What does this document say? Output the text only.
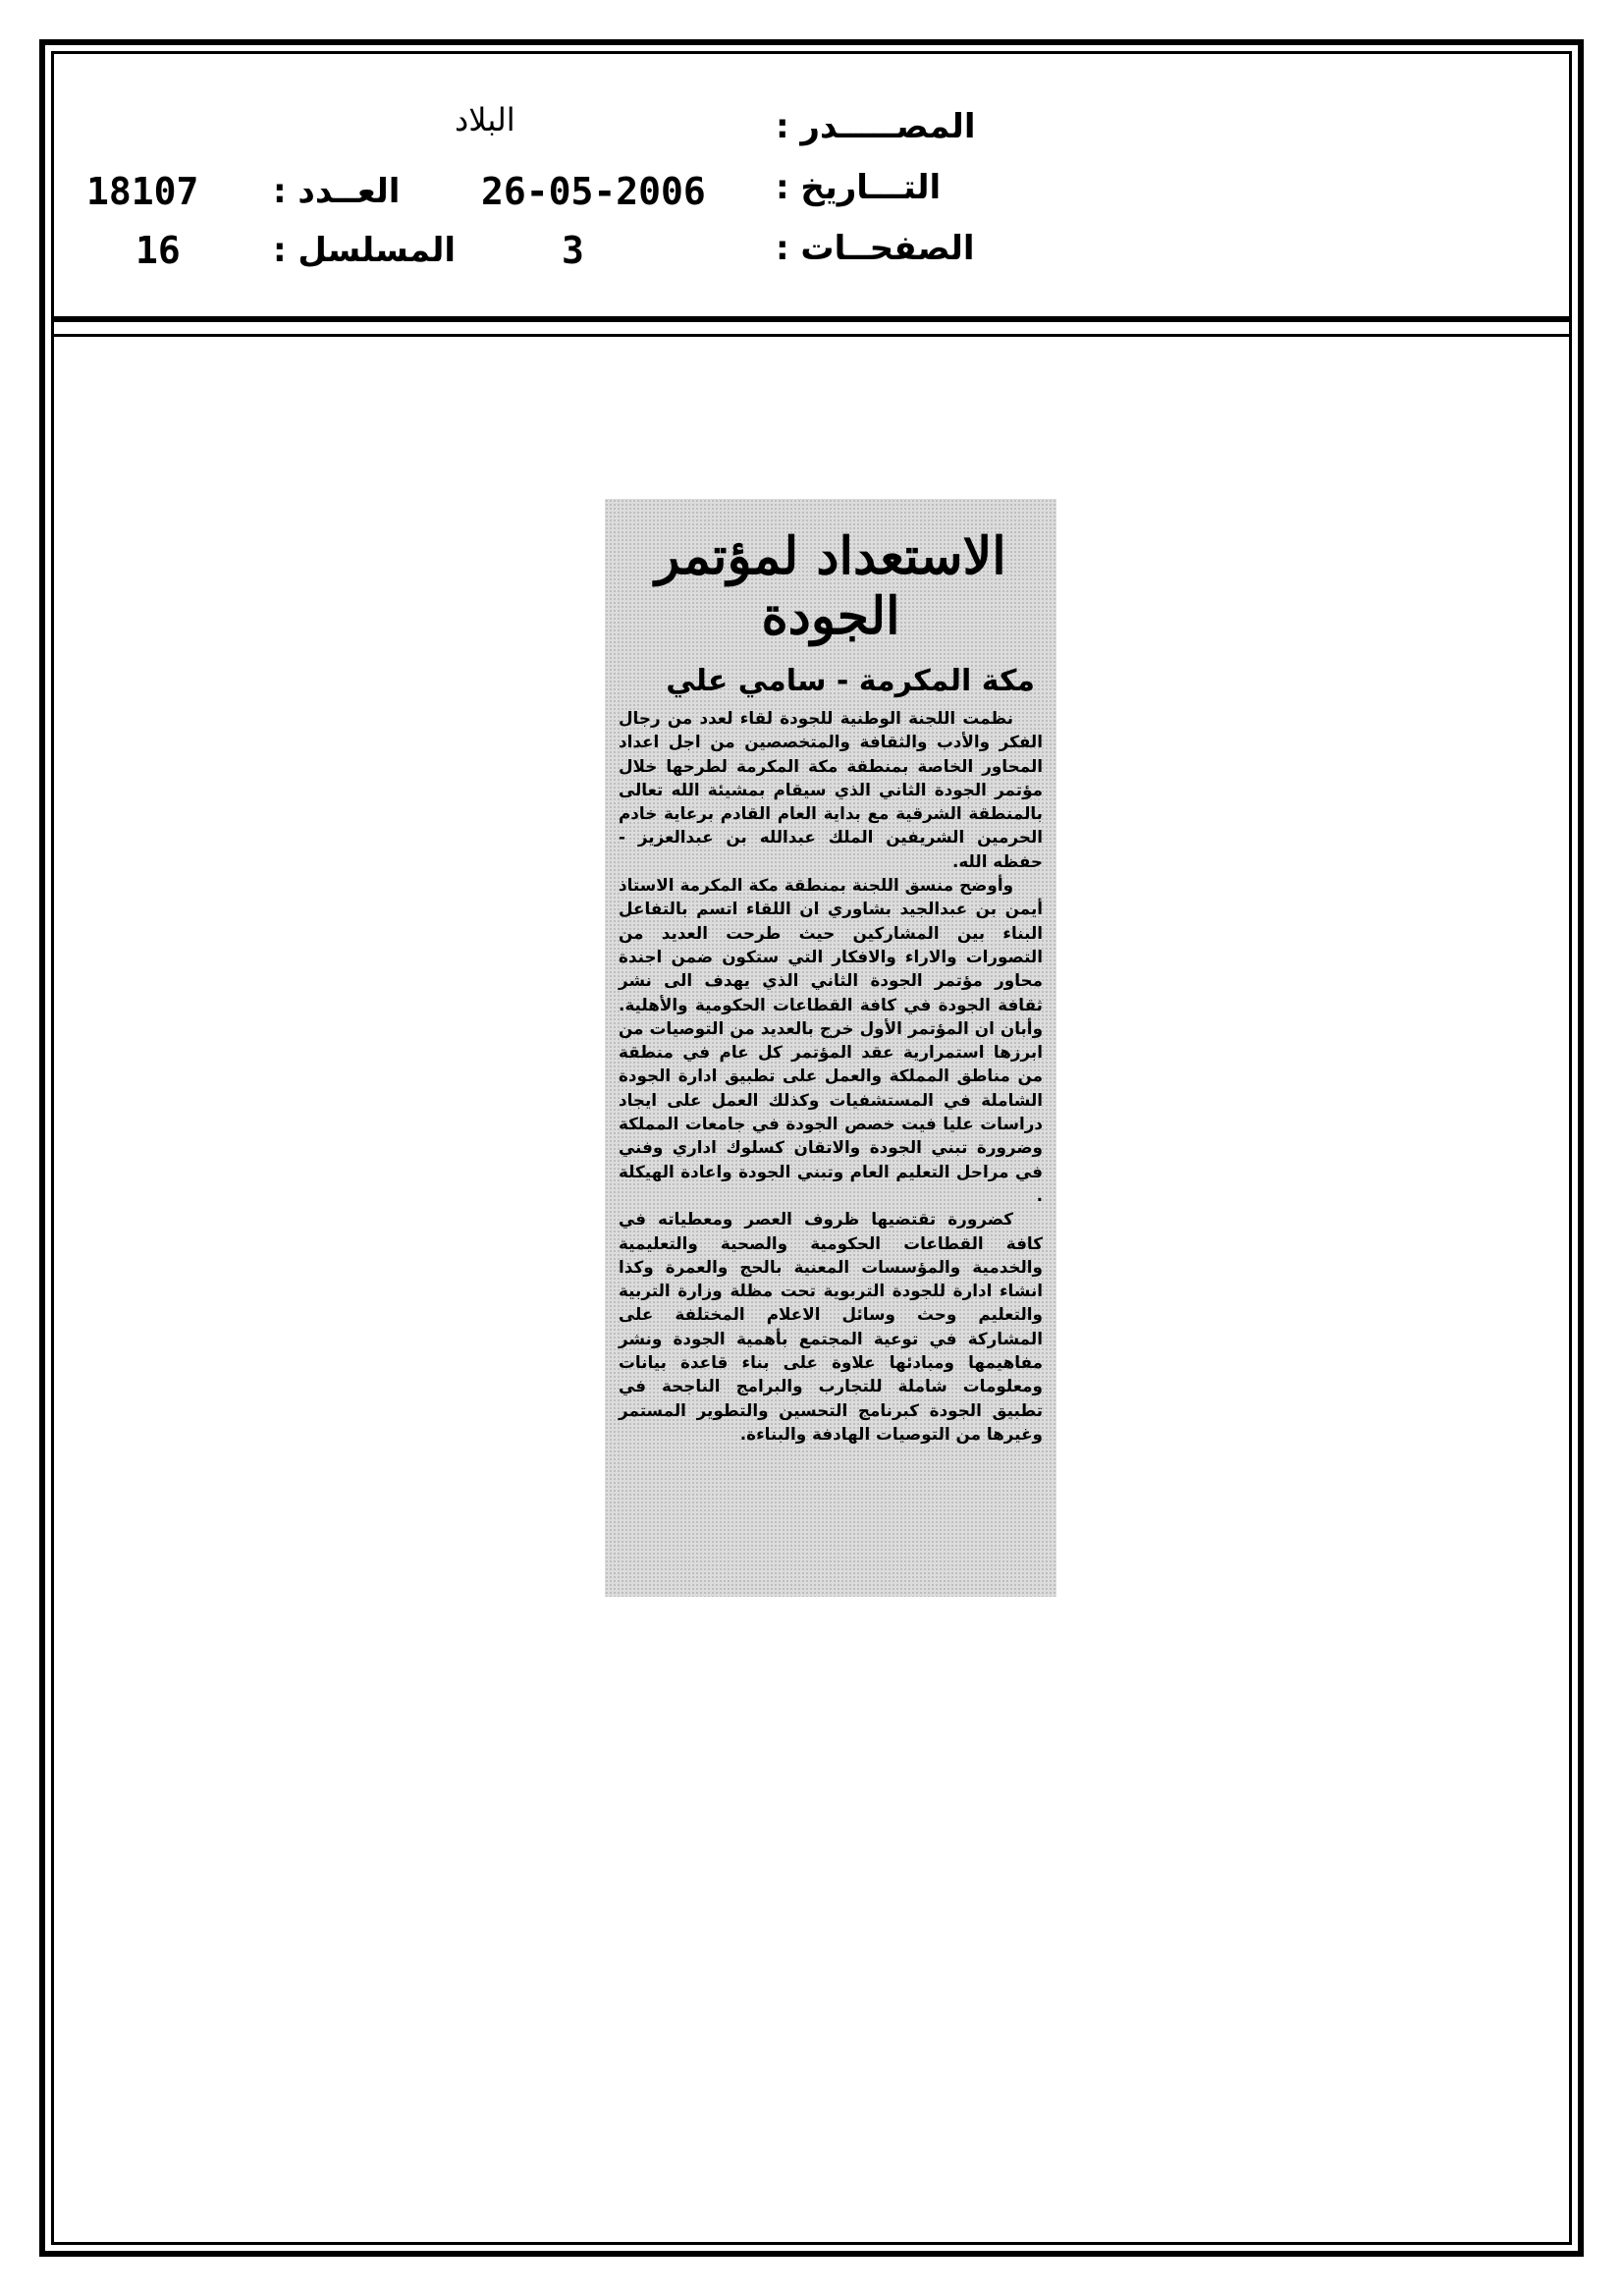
البلاد	المصـــــدر :
18107 العــدد : 26-05-2006 التـــاريخ :
16	المسلسل :	3	الصفحــات :
الاستعداد لمؤتمر الجودة
مكة المكرمة - سامي علي

نظمت اللجنة الوطنية للجودة لقاء لعدد من رجال الفكر والأدب والثقافة والمتخصصين من اجل اعداد المحاور الخاصة بمنطقة مكة المكرمة لطرحها خلال مؤتمر الجودة الثاني الذي سيقام بمشيئة الله تعالى بالمنطقة الشرقية مع بداية العام القادم برعاية خادم الحرمين الشريفين الملك عبدالله بن عبدالعزيز - حفظه الله.

وأوضح منسق اللجنة بمنطقة مكة المكرمة الاستاذ أيمن بن عبدالجيد بشاوري ان اللقاء اتسم بالتفاعل البناء بين المشاركين حيث طرحت العديد من التصورات والاراء والافكار التي ستكون ضمن اجندة محاور مؤتمر الجودة الثاني الذي يهدف الى نشر ثقافة الجودة في كافة القطاعات الحكومية والأهلية. وأبان ان المؤتمر الأول خرج بالعديد من التوصيات من ابرزها استمرارية عقد المؤتمر كل عام في منطقة من مناطق المملكة والعمل على تطبيق ادارة الجودة الشاملة في المستشفيات وكذلك العمل على ايجاد دراسات عليا فيت خصص الجودة في جامعات المملكة وضرورة تبني الجودة والاتقان كسلوك اداري وفني في مراحل التعليم العام وتبني الجودة واعادة الهيكلة .

كضرورة تقتضيها ظروف العصر ومعطياته في كافة القطاعات الحكومية والصحية والتعليمية والخدمية والمؤسسات المعنية بالحج والعمرة وكذا انشاء ادارة للجودة التربوية تحت مظلة وزارة التربية والتعليم وحث وسائل الاعلام المختلفة على المشاركة في توعية المجتمع بأهمية الجودة ونشر مفاهيمها ومبادئها علاوة على بناء قاعدة بيانات ومعلومات شاملة للتجارب والبرامج الناجحة في تطبيق الجودة كبرنامج التحسين والتطوير المستمر وغيرها من التوصيات الهادفة والبناءة.
